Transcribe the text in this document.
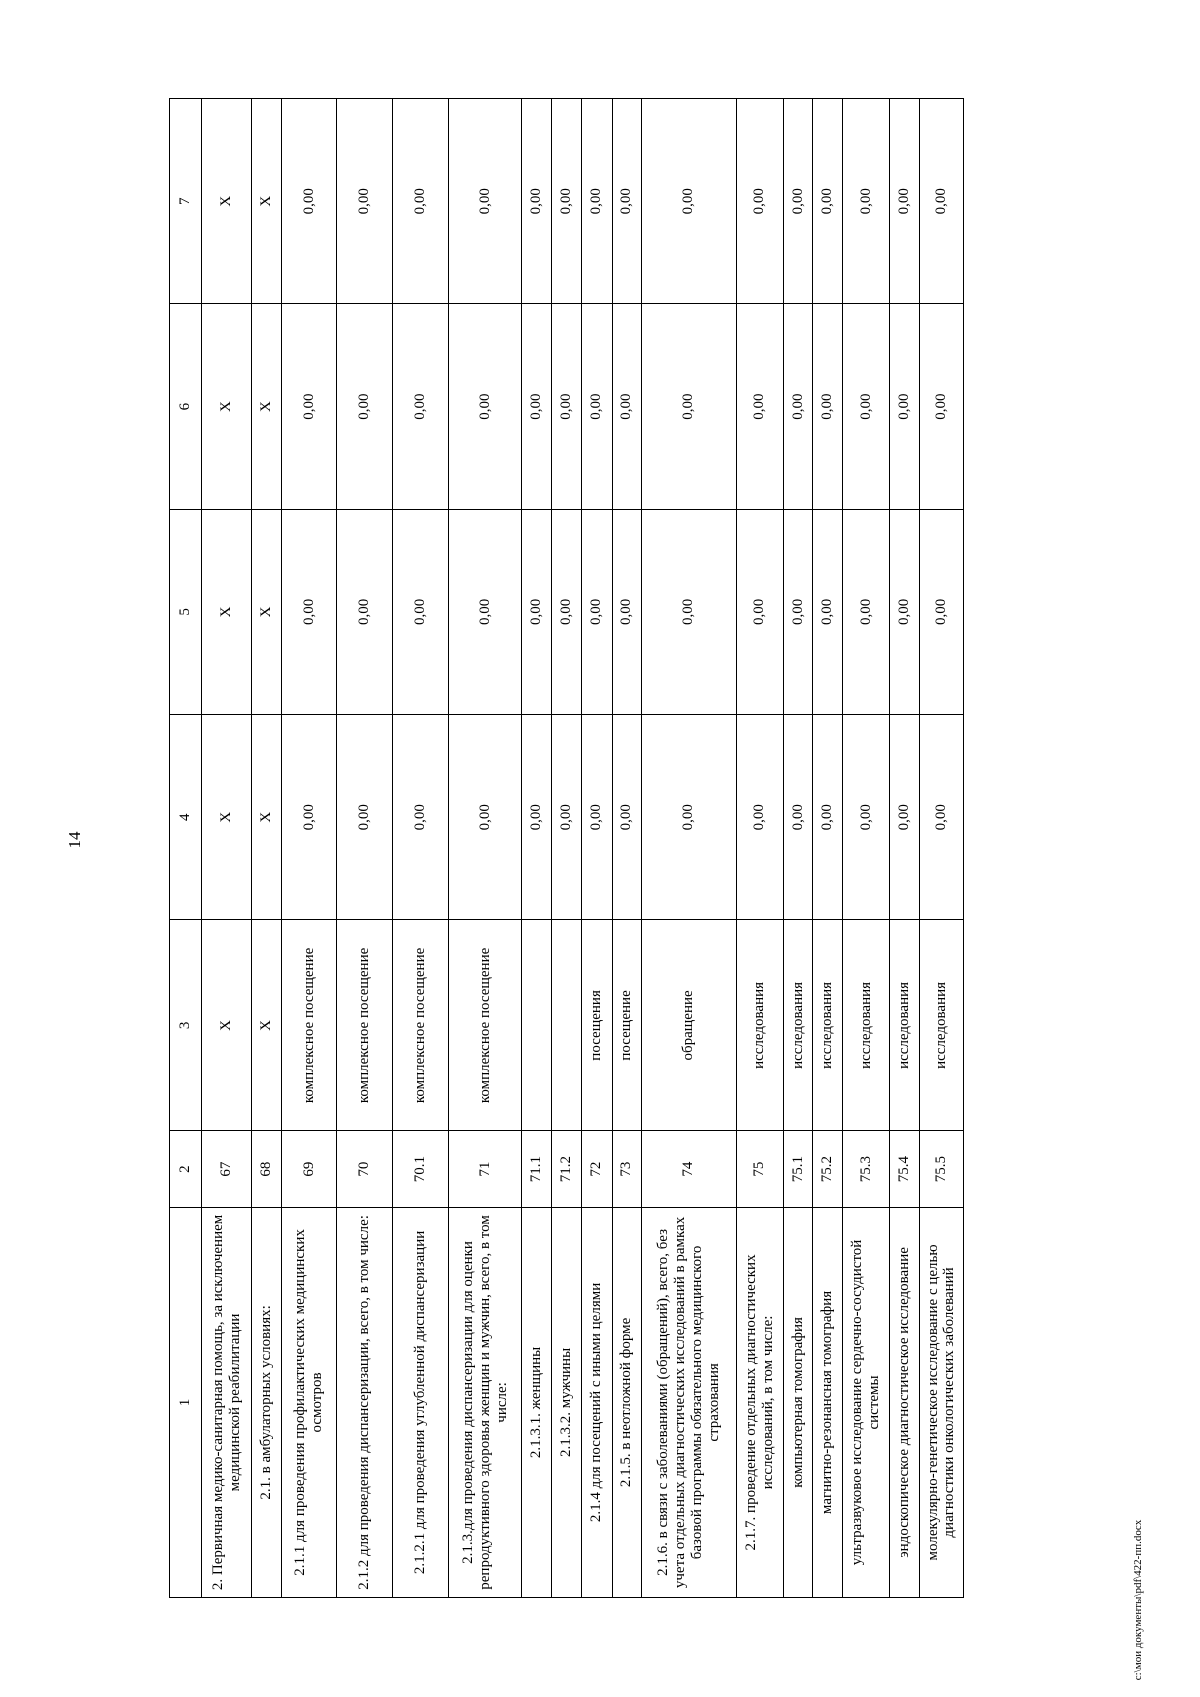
14
1	2	3	4	5	6	7
2. Первичная медико-санитарная помощь, за исключением медицинской реабилитации	67	X	X	X	X	X
2.1. в амбулаторных условиях:	68	X	X	X	X	X
2.1.1 для проведения профилактических медицинских осмотров	69	комплексное посещение	0,00	0,00	0,00	0,00
2.1.2 для проведения диспансеризации, всего, в том числе:	70	комплексное посещение	0,00	0,00	0,00	0,00
2.1.2.1 для проведения углубленной диспансеризации	70.1	комплексное посещение	0,00	0,00	0,00	0,00
2.1.3.для проведения диспансеризации для оценки репродуктивного здоровья женщин и мужчин, всего, в том числе:	71	комплексное посещение	0,00	0,00	0,00	0,00
2.1.3.1. женщины	71.1		0,00	0,00	0,00	0,00
2.1.3.2. мужчины	71.2		0,00	0,00	0,00	0,00
2.1.4 для посещений с иными целями	72	посещения	0,00	0,00	0,00	0,00
2.1.5. в неотложной форме	73	посещение	0,00	0,00	0,00	0,00
2.1.6. в связи с заболеваниями (обращений), всего, без учета отдельных диагностических исследований в рамках базовой программы обязательного медицинского страхования	74	обращение	0,00	0,00	0,00	0,00
2.1.7. проведение отдельных диагностических исследований, в том числе:	75	исследования	0,00	0,00	0,00	0,00
компьютерная томография	75.1	исследования	0,00	0,00	0,00	0,00
магнитно-резонансная томография	75.2	исследования	0,00	0,00	0,00	0,00
ультразвуковое исследование сердечно-сосудистой системы	75.3	исследования	0,00	0,00	0,00	0,00
эндоскопическое диагностическое исследование	75.4	исследования	0,00	0,00	0,00	0,00
молекулярно-генетическое исследование с целью диагностики онкологических заболеваний	75.5	исследования	0,00	0,00	0,00	0,00
c:\мои документы\pdf\422-пп.docx
